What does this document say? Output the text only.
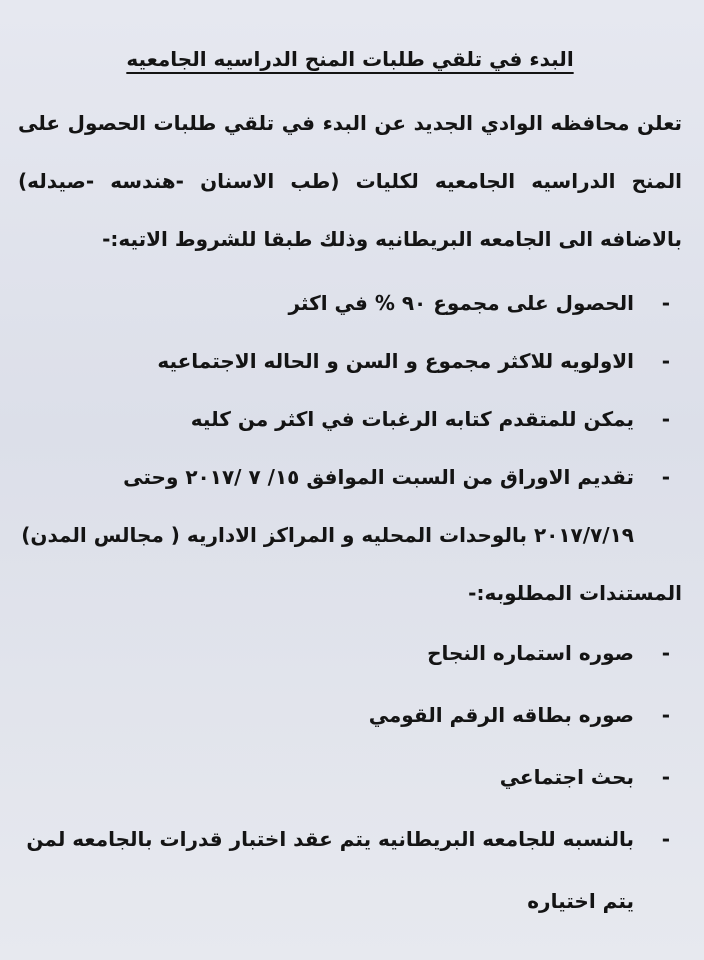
البدء في تلقي طلبات المنح الدراسيه الجامعيه

تعلن محافظه الوادي الجديد عن البدء في تلقي طلبات الحصول على المنح الدراسيه الجامعيه لكليات (طب الاسنان -هندسه -صيدله) بالاضافه الى الجامعه البريطانيه وذلك طبقا للشروط الاتيه:-

-
الحصول على مجموع ٩٠ % في اكثر
-
الاولويه للاكثر مجموع و السن و الحاله الاجتماعيه
-
يمكن للمتقدم كتابه الرغبات في اكثر من كليه
-
تقديم الاوراق من السبت الموافق ١٥/ ٧ /٢٠١٧ وحتى ٢٠١٧/٧/١٩ بالوحدات المحليه و المراكز الاداريه ( مجالس المدن)

المستندات المطلوبه:-

-
صوره استماره النجاح
-
صوره بطاقه الرقم القومي
-
بحث اجتماعي
-
بالنسبه للجامعه البريطانيه يتم عقد اختبار قدرات بالجامعه لمن يتم اختياره
